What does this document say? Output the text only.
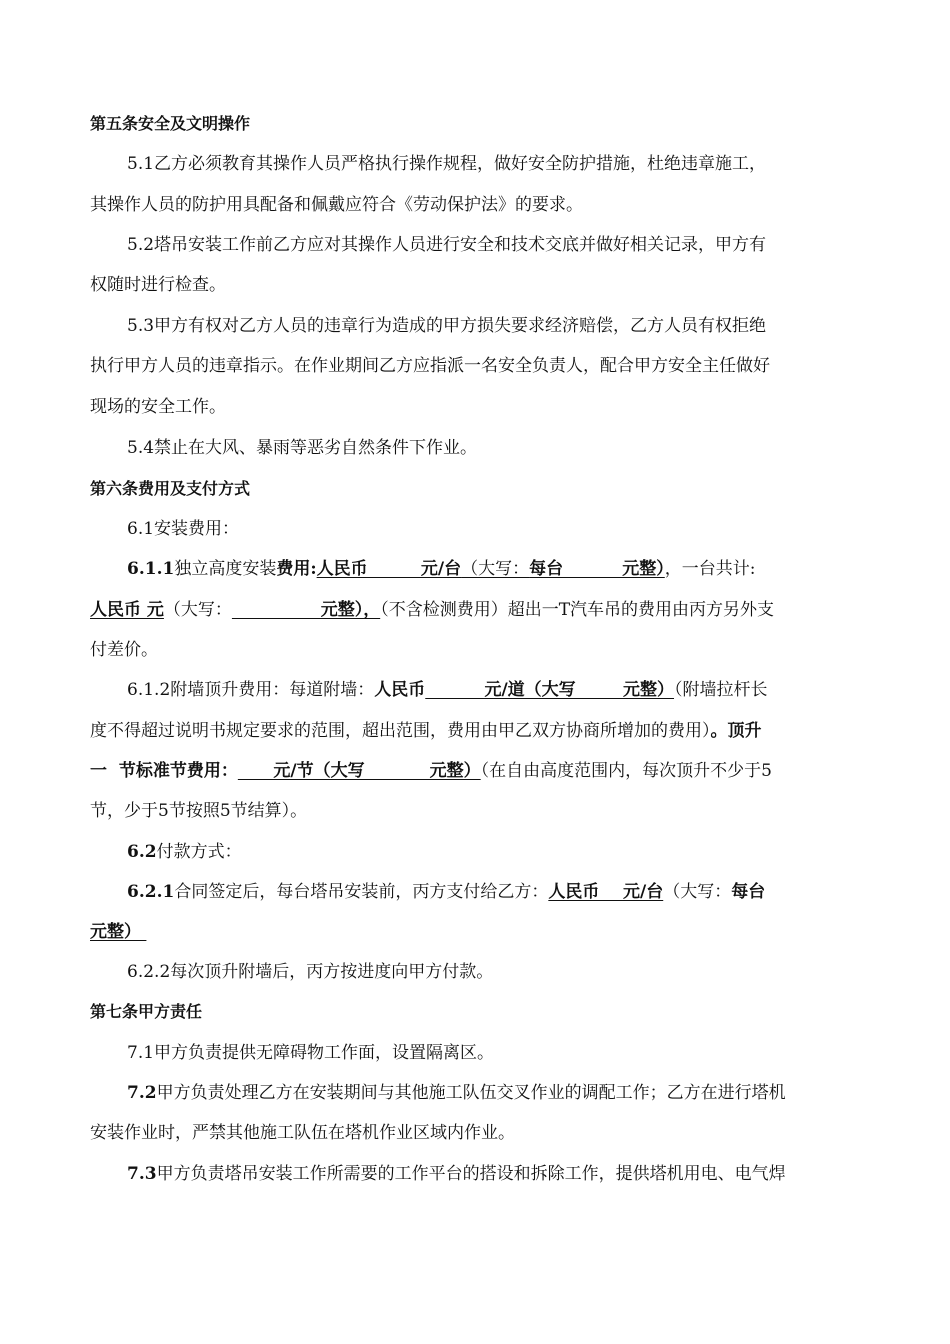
第五条安全及文明操作
5.1乙方必须教育其操作人员严格执行操作规程，做好安全防护措施，杜绝违章施工，
其操作人员的防护用具配备和佩戴应符合《劳动保护法》的要求。
5.2塔吊安装工作前乙方应对其操作人员进行安全和技术交底并做好相关记录，甲方有
权随时进行检查。
5.3甲方有权对乙方人员的违章行为造成的甲方损失要求经济赔偿，乙方人员有权拒绝
执行甲方人员的违章指示。在作业期间乙方应指派一名安全负责人，配合甲方安全主任做好
现场的安全工作。
5.4禁止在大风、暴雨等恶劣自然条件下作业。
第六条费用及支付方式
6.1安装费用：
6.1.1独立高度安装费用:人民币         元/台（大写：每台          元整），一台共计:
人民币 元（大写：               元整），（不含检测费用）超出一T汽车吊的费用由丙方另外支
付差价。
6.1.2附墙顶升费用：每道附墙：人民币          元/道（大写        元整）（附墙拉杆长
度不得超过说明书规定要求的范围，超出范围，费用由甲乙双方协商所增加的费用）。顶升
一  节标准节费用：      元/节（大写           元整）（在自由高度范围内，每次顶升不少于5
节，少于5节按照5节结算）。
6.2付款方式：
6.2.1合同签定后，每台塔吊安装前，丙方支付给乙方：人民币    元/台（大写：每台
元整）
6.2.2每次顶升附墙后，丙方按进度向甲方付款。
第七条甲方责任
7.1甲方负责提供无障碍物工作面，设置隔离区。
7.2甲方负责处理乙方在安装期间与其他施工队伍交叉作业的调配工作；乙方在进行塔机
安装作业时，严禁其他施工队伍在塔机作业区域内作业。
7.3甲方负责塔吊安装工作所需要的工作平台的搭设和拆除工作，提供塔机用电、电气焊
